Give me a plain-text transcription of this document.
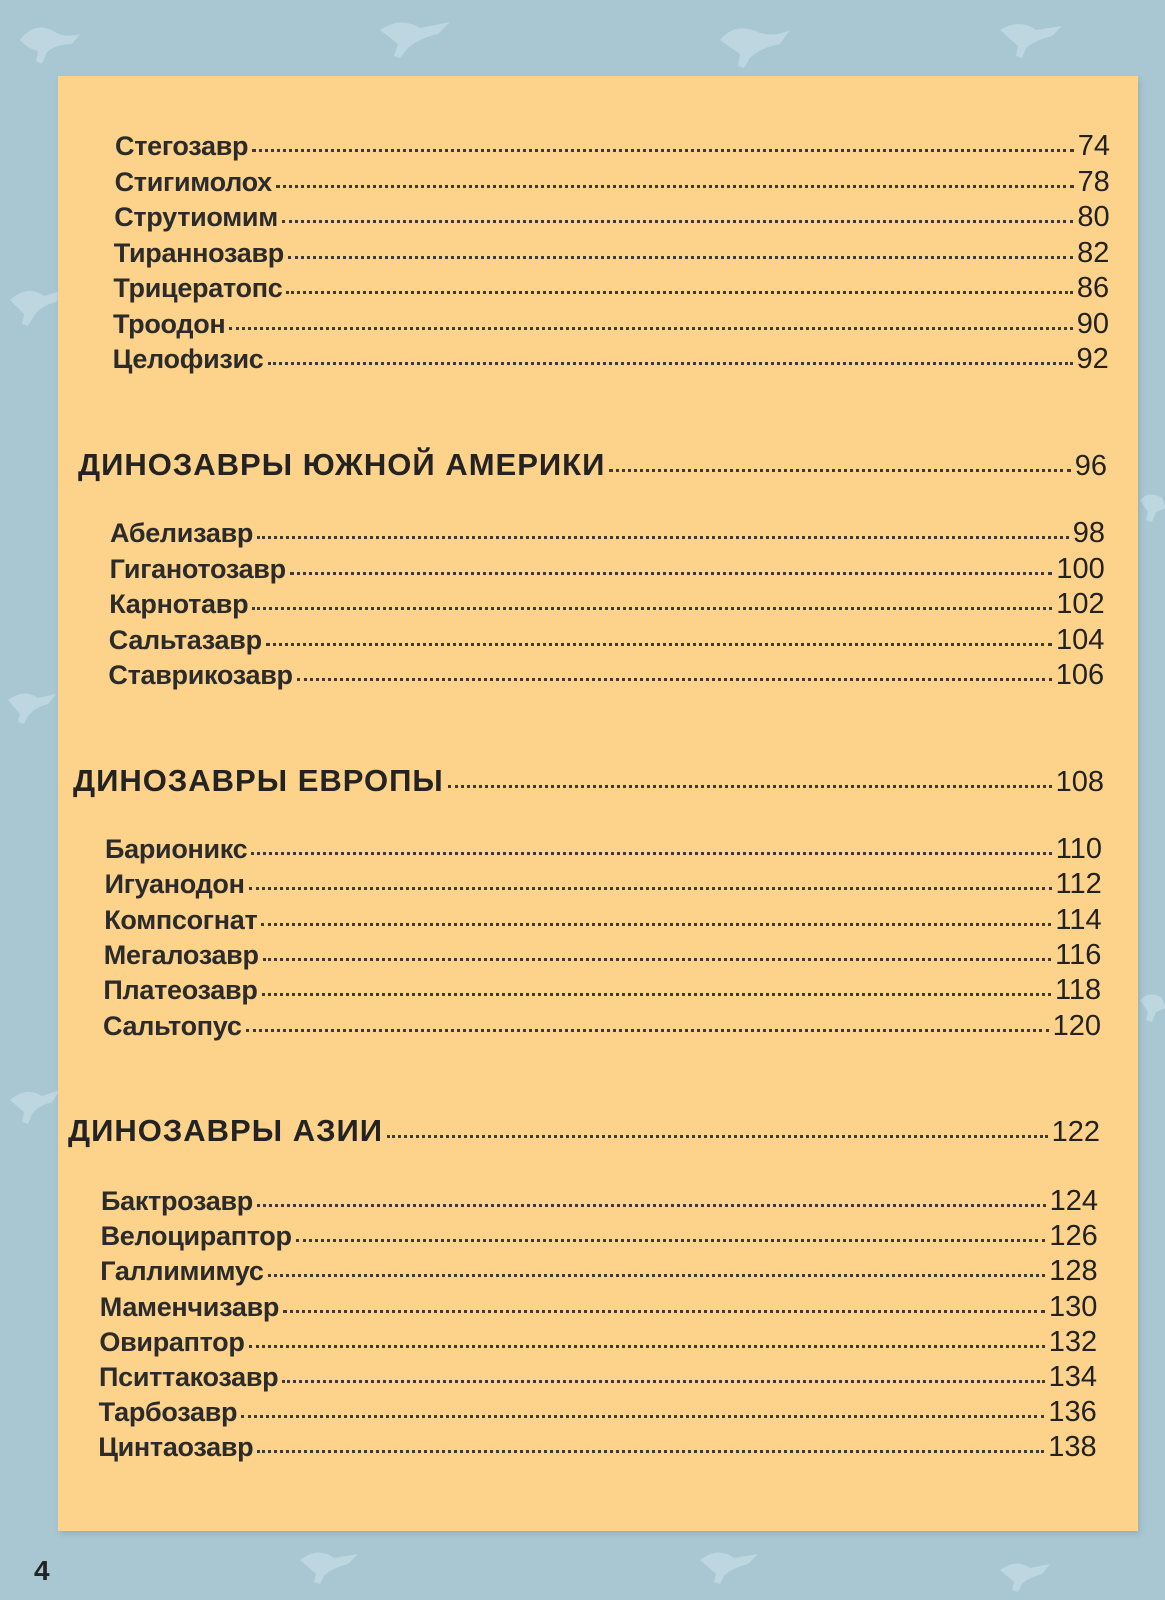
Стегозавр	74
Стигимолох	78
Струтиомим	80
Тираннозавр	82
Трицератопс	86
Троодон	90
Целофизис	92
ДИНОЗАВРЫ ЮЖНОЙ АМЕРИКИ	96
Абелизавр	98
Гиганотозавр	100
Карнотавр	102
Сальтазавр	104
Ставрикозавр	106
ДИНОЗАВРЫ ЕВРОПЫ	108
Барионикс	110
Игуанодон	112
Компсогнат	114
Мегалозавр	116
Платеозавр	118
Сальтопус	120
ДИНОЗАВРЫ АЗИИ	122
Бактрозавр	124
Велоцираптор	126
Галлимимус	128
Маменчизавр	130
Овираптор	132
Пситтакозавр	134
Тарбозавр	136
Цинтаозавр	138
4
